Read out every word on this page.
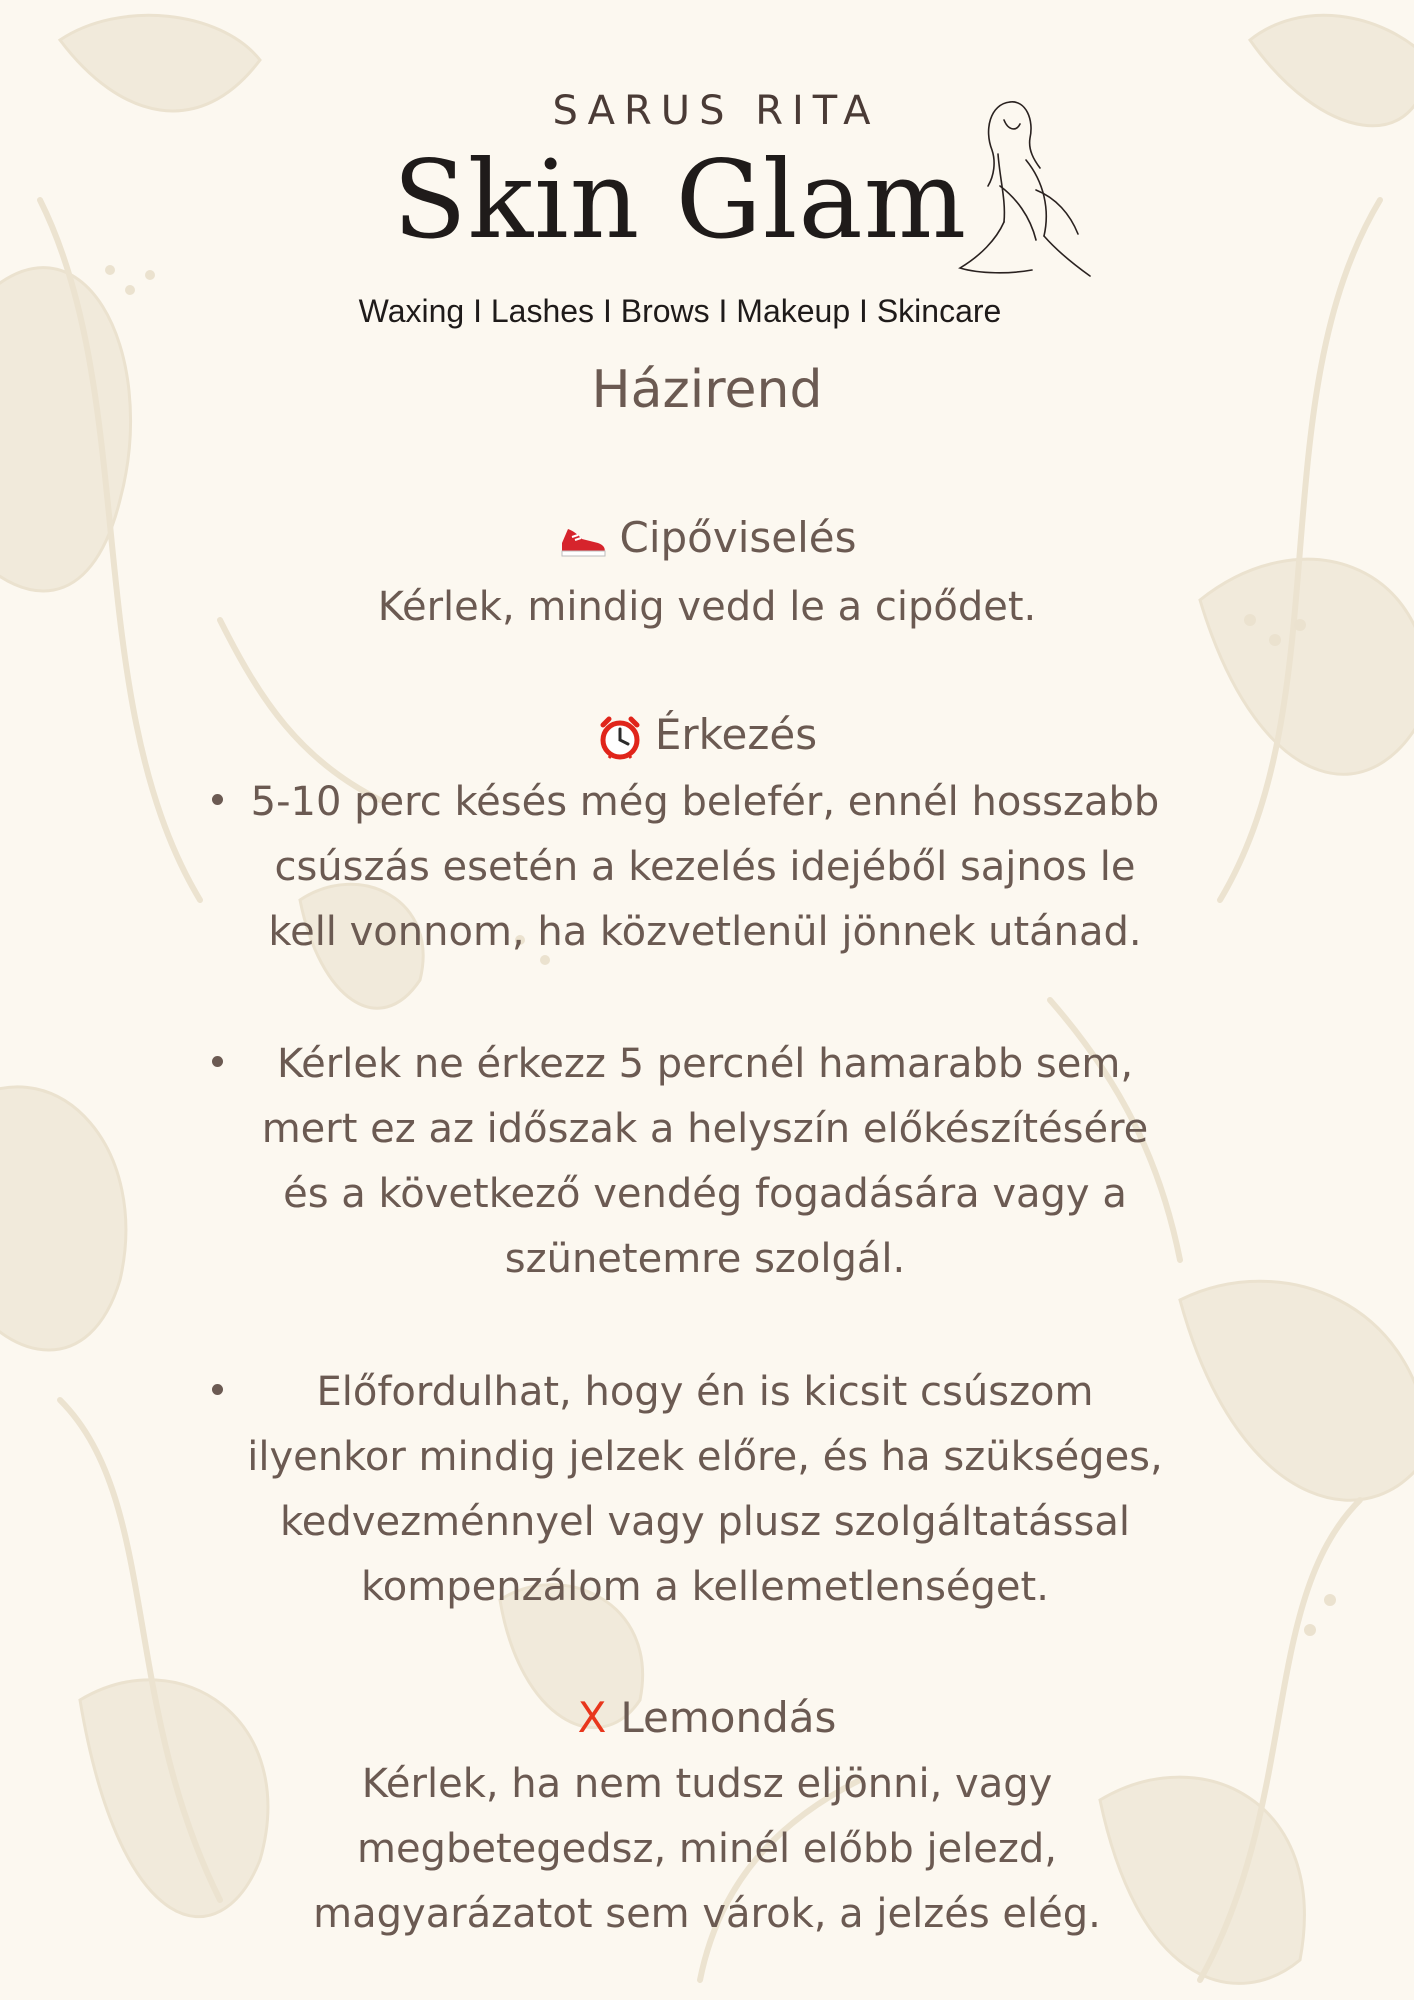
SARUS RITA
Skin Glam
Waxing I Lashes I Brows I Makeup I Skincare
Házirend
Cipőviselés
Kérlek, mindig vedd le a cipődet.
Érkezés
5-10 perc késés még belefér, ennél hosszabb csúszás esetén a kezelés idejéből sajnos le kell vonnom, ha közvetlenül jönnek utánad.
Kérlek ne érkezz 5 percnél hamarabb sem, mert ez az időszak a helyszín előkészítésére és a következő vendég fogadására vagy a szünetemre szolgál.
Előfordulhat, hogy én is kicsit csúszom ilyenkor mindig jelzek előre, és ha szükséges, kedvezménnyel vagy plusz szolgáltatással kompenzálom a kellemetlenséget.
X Lemondás
Kérlek, ha nem tudsz eljönni, vagy megbetegedsz, minél előbb jelezd, magyarázatot sem várok, a jelzés elég.
